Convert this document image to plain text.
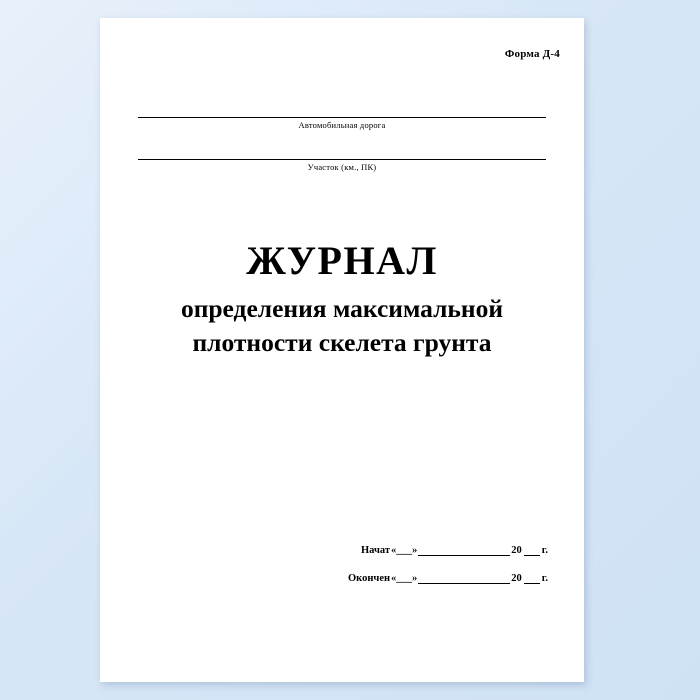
Форма Д-4
Автомобильная дорога
Участок (км., ПК)
ЖУРНАЛ
определения максимальной
плотности скелета грунта
Начат «___»	20 г.
Окончен «___»	20 г.
